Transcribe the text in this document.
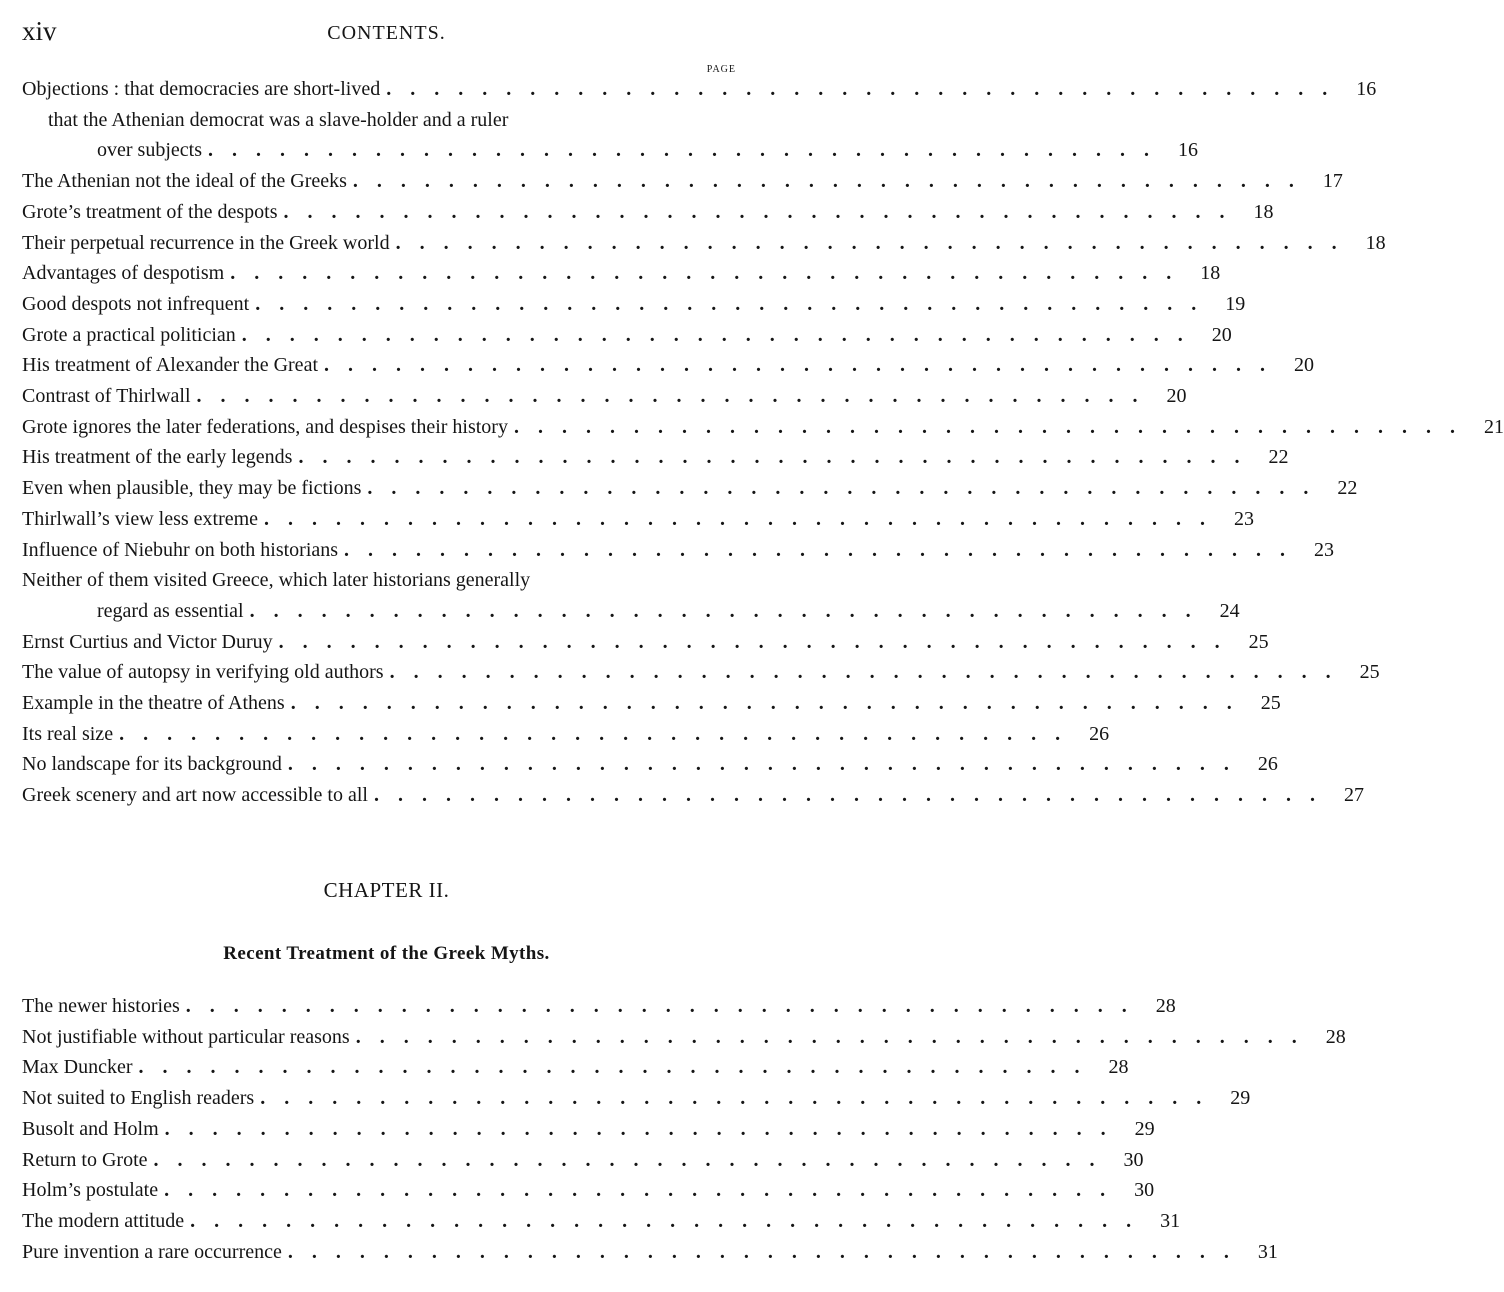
xiv	CONTENTS.
PAGE
Objections : that democracies are short-lived ........................................ 16
that the Athenian democrat was a slave-holder and a ruler
over subjects ........................................ 16
The Athenian not the ideal of the Greeks ........................................ 17
Grote’s treatment of the despots ........................................ 18
Their perpetual recurrence in the Greek world ........................................ 18
Advantages of despotism ........................................ 18
Good despots not infrequent ........................................ 19
Grote a practical politician ........................................ 20
His treatment of Alexander the Great ........................................ 20
Contrast of Thirlwall ........................................ 20
Grote ignores the later federations, and despises their history ........................................ 21
His treatment of the early legends ........................................ 22
Even when plausible, they may be fictions ........................................ 22
Thirlwall’s view less extreme ........................................ 23
Influence of Niebuhr on both historians ........................................ 23
Neither of them visited Greece, which later historians generally
regard as essential ........................................ 24
Ernst Curtius and Victor Duruy ........................................ 25
The value of autopsy in verifying old authors ........................................ 25
Example in the theatre of Athens ........................................ 25
Its real size ........................................ 26
No landscape for its background ........................................ 26
Greek scenery and art now accessible to all ........................................ 27
CHAPTER II.
Recent Treatment of the Greek Myths.
The newer histories ........................................ 28
Not justifiable without particular reasons ........................................ 28
Max Duncker ........................................ 28
Not suited to English readers ........................................ 29
Busolt and Holm ........................................ 29
Return to Grote ........................................ 30
Holm’s postulate ........................................ 30
The modern attitude ........................................ 31
Pure invention a rare occurrence ........................................ 31
